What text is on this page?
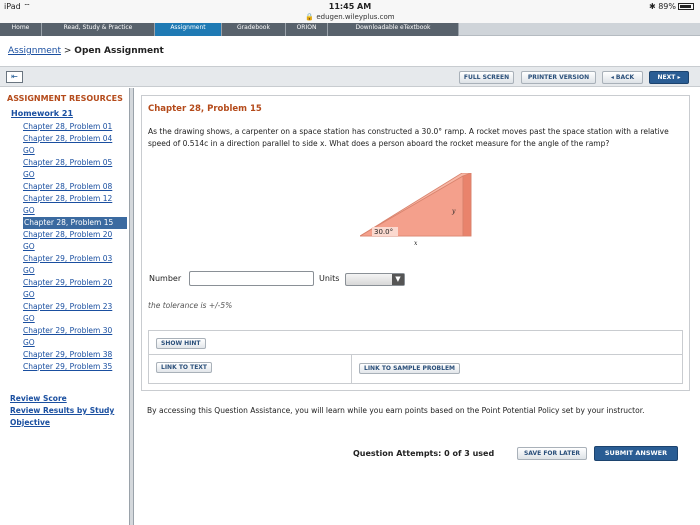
iPad ⌔	11:45 AM	✱ 89%
🔒 edugen.wileyplus.com
Home	Read, Study & Practice	Assignment	Gradebook	ORION	Downloadable eTextbook
Assignment > Open Assignment
⇤	FULL SCREEN	PRINTER VERSION	◂ BACK	NEXT ▸
ASSIGNMENT RESOURCES
Homework 21
Chapter 28, Problem 01
Chapter 28, Problem 04
GO
Chapter 28, Problem 05
GO
Chapter 28, Problem 08
Chapter 28, Problem 12
GO
Chapter 28, Problem 15
Chapter 28, Problem 20
GO
Chapter 29, Problem 03
GO
Chapter 29, Problem 20
GO
Chapter 29, Problem 23
GO
Chapter 29, Problem 30
GO
Chapter 29, Problem 38
Chapter 29, Problem 35
Review Score
Review Results by Study Objective
Chapter 28, Problem 15
As the drawing shows, a carpenter on a space station has constructed a 30.0° ramp. A rocket moves past the space station with a relative speed of 0.514c in a direction parallel to side x. What does a person aboard the rocket measure for the angle of the ramp?
30.0°
x
y
Number	Units	▼
the tolerance is +/-5%
SHOW HINT
LINK TO TEXT	LINK TO SAMPLE PROBLEM
By accessing this Question Assistance, you will learn while you earn points based on the Point Potential Policy set by your instructor.
Question Attempts: 0 of 3 used	SAVE FOR LATER	SUBMIT ANSWER
